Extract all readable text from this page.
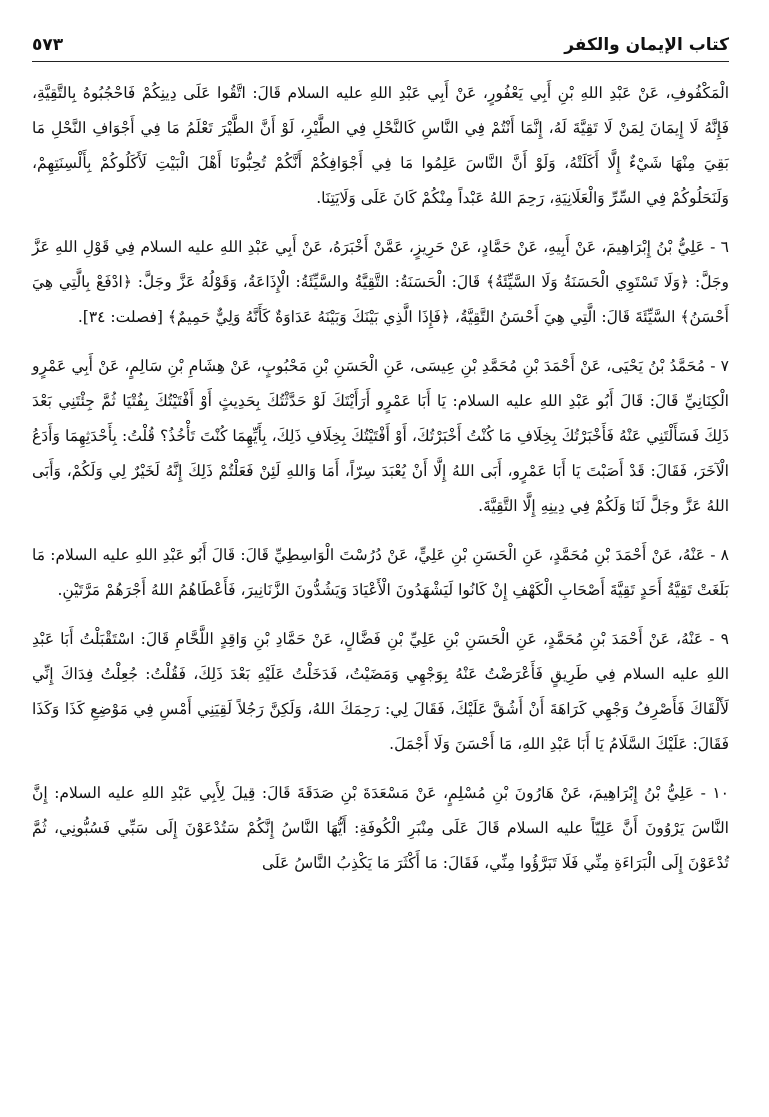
كتاب الإيمان والكفر
٥٧٣

الْمَكْفُوفِ، عَنْ عَبْدِ اللهِ بْنِ أَبِي يَعْفُورٍ، عَنْ أَبِي عَبْدِ اللهِ عليه السلام قَالَ: اتَّقُوا عَلَى دِينِكُمْ فَاحْجُبُوهُ بِالتَّقِيَّةِ، فَإِنَّهُ لَا إِيمَانَ لِمَنْ لَا تَقِيَّةَ لَهُ، إِنَّمَا أَنْتُمْ فِي النَّاسِ كَالنَّحْلِ فِي الطَّيْرِ، لَوْ أَنَّ الطَّيْرَ تَعْلَمُ مَا فِي أَجْوَافِ النَّحْلِ مَا بَقِيَ مِنْهَا شَيْءٌ إِلَّا أَكَلَتْهُ، وَلَوْ أَنَّ النَّاسَ عَلِمُوا مَا فِي أَجْوَافِكُمْ أَنَّكُمْ تُحِبُّونَا أَهْلَ الْبَيْتِ لَأَكَلُوكُمْ بِأَلْسِنَتِهِمْ، وَلَنَحَلُوكُمْ فِي السِّرِّ وَالْعَلَانِيَةِ، رَحِمَ اللهُ عَبْداً مِنْكُمْ كَانَ عَلَى وَلَايَتِنَا.

٦ - عَلِيُّ بْنُ إِبْرَاهِيمَ، عَنْ أَبِيهِ، عَنْ حَمَّادٍ، عَنْ حَرِيزٍ، عَمَّنْ أَخْبَرَهُ، عَنْ أَبِي عَبْدِ اللهِ عليه السلام فِي قَوْلِ اللهِ عَزَّ وجَلَّ: ﴿وَلَا تَسْتَوِي الْحَسَنَةُ وَلَا السَّيِّئَةُ﴾ قَالَ: الْحَسَنَةُ: التَّقِيَّةُ والسَّيِّئَةُ: الْإِذَاعَةُ، وَقَوْلُهُ عَزَّ وجَلَّ: ﴿ادْفَعْ بِالَّتِي هِيَ أَحْسَنُ﴾ السَّيِّئَةَ قَالَ: الَّتِي هِيَ أَحْسَنُ التَّقِيَّةُ، ﴿فَإِذَا الَّذِي بَيْنَكَ وَبَيْنَهُ عَدَاوَةٌ كَأَنَّهُ وَلِيٌّ حَمِيمٌ﴾ [فصلت: ٣٤].

٧ - مُحَمَّدُ بْنُ يَحْيَى، عَنْ أَحْمَدَ بْنِ مُحَمَّدِ بْنِ عِيسَى، عَنِ الْحَسَنِ بْنِ مَحْبُوبٍ، عَنْ هِشَامِ بْنِ سَالِمٍ، عَنْ أَبِي عَمْرٍو الْكِنَانِيِّ قَالَ: قَالَ أَبُو عَبْدِ اللهِ عليه السلام: يَا أَبَا عَمْرٍو أَرَأَيْتَكَ لَوْ حَدَّثْتُكَ بِحَدِيثٍ أَوْ أَفْتَيْتُكَ بِفُتْيَا ثُمَّ جِئْتَنِي بَعْدَ ذَلِكَ فَسَأَلْتَنِي عَنْهُ فَأَخْبَرْتُكَ بِخِلَافِ مَا كُنْتُ أَخْبَرْتُكَ، أَوْ أَفْتَيْتُكَ بِخِلَافِ ذَلِكَ، بِأَيِّهِمَا كُنْتَ تَأْخُذُ؟ قُلْتُ: بِأَحْدَثِهِمَا وَأَدَعُ الْآخَرَ، فَقَالَ: قَدْ أَصَبْتَ يَا أَبَا عَمْرٍو، أَبَى اللهُ إِلَّا أَنْ يُعْبَدَ سِرّاً، أَمَا وَاللهِ لَئِنْ فَعَلْتُمْ ذَلِكَ إِنَّهُ لَخَيْرٌ لِي وَلَكُمْ، وَأَبَى اللهُ عَزَّ وجَلَّ لَنَا وَلَكُمْ فِي دِينِهِ إِلَّا التَّقِيَّةَ.

٨ - عَنْهُ، عَنْ أَحْمَدَ بْنِ مُحَمَّدٍ، عَنِ الْحَسَنِ بْنِ عَلِيٍّ، عَنْ دُرُسْتَ الْوَاسِطِيِّ قَالَ: قَالَ أَبُو عَبْدِ اللهِ عليه السلام: مَا بَلَغَتْ تَقِيَّةُ أَحَدٍ تَقِيَّةَ أَصْحَابِ الْكَهْفِ إِنْ كَانُوا لَيَشْهَدُونَ الْأَعْيَادَ وَيَشُدُّونَ الزَّنَانِيرَ، فَأَعْطَاهُمُ اللهُ أَجْرَهُمْ مَرَّتَيْنِ.

٩ - عَنْهُ، عَنْ أَحْمَدَ بْنِ مُحَمَّدٍ، عَنِ الْحَسَنِ بْنِ عَلِيِّ بْنِ فَضَّالٍ، عَنْ حَمَّادِ بْنِ وَاقِدٍ اللَّحَّامِ قَالَ: اسْتَقْبَلْتُ أَبَا عَبْدِ اللهِ عليه السلام فِي طَرِيقٍ فَأَعْرَضْتُ عَنْهُ بِوَجْهِي وَمَضَيْتُ، فَدَخَلْتُ عَلَيْهِ بَعْدَ ذَلِكَ، فَقُلْتُ: جُعِلْتُ فِدَاكَ إِنِّي لَأَلْقَاكَ فَأَصْرِفُ وَجْهِي كَرَاهَةَ أَنْ أَشُقَّ عَلَيْكَ، فَقَالَ لِي: رَحِمَكَ اللهُ، وَلَكِنَّ رَجُلاً لَقِيَنِي أَمْسِ فِي مَوْضِعِ كَذَا وَكَذَا فَقَالَ: عَلَيْكَ السَّلَامُ يَا أَبَا عَبْدِ اللهِ، مَا أَحْسَنَ وَلَا أَجْمَلَ.

١٠ - عَلِيُّ بْنُ إِبْرَاهِيمَ، عَنْ هَارُونَ بْنِ مُسْلِمٍ، عَنْ مَسْعَدَةَ بْنِ صَدَقَةَ قَالَ: قِيلَ لِأَبِي عَبْدِ اللهِ عليه السلام: إِنَّ النَّاسَ يَرْوُونَ أَنَّ عَلِيّاً عليه السلام قَالَ عَلَى مِنْبَرِ الْكُوفَةِ: أَيُّهَا النَّاسُ إِنَّكُمْ سَتُدْعَوْنَ إِلَى سَبِّي فَسُبُّونِي، ثُمَّ تُدْعَوْنَ إِلَى الْبَرَاءَةِ مِنِّي فَلَا تَبَرَّؤُوا مِنِّي، فَقَالَ: مَا أَكْثَرَ مَا يَكْذِبُ النَّاسُ عَلَى
